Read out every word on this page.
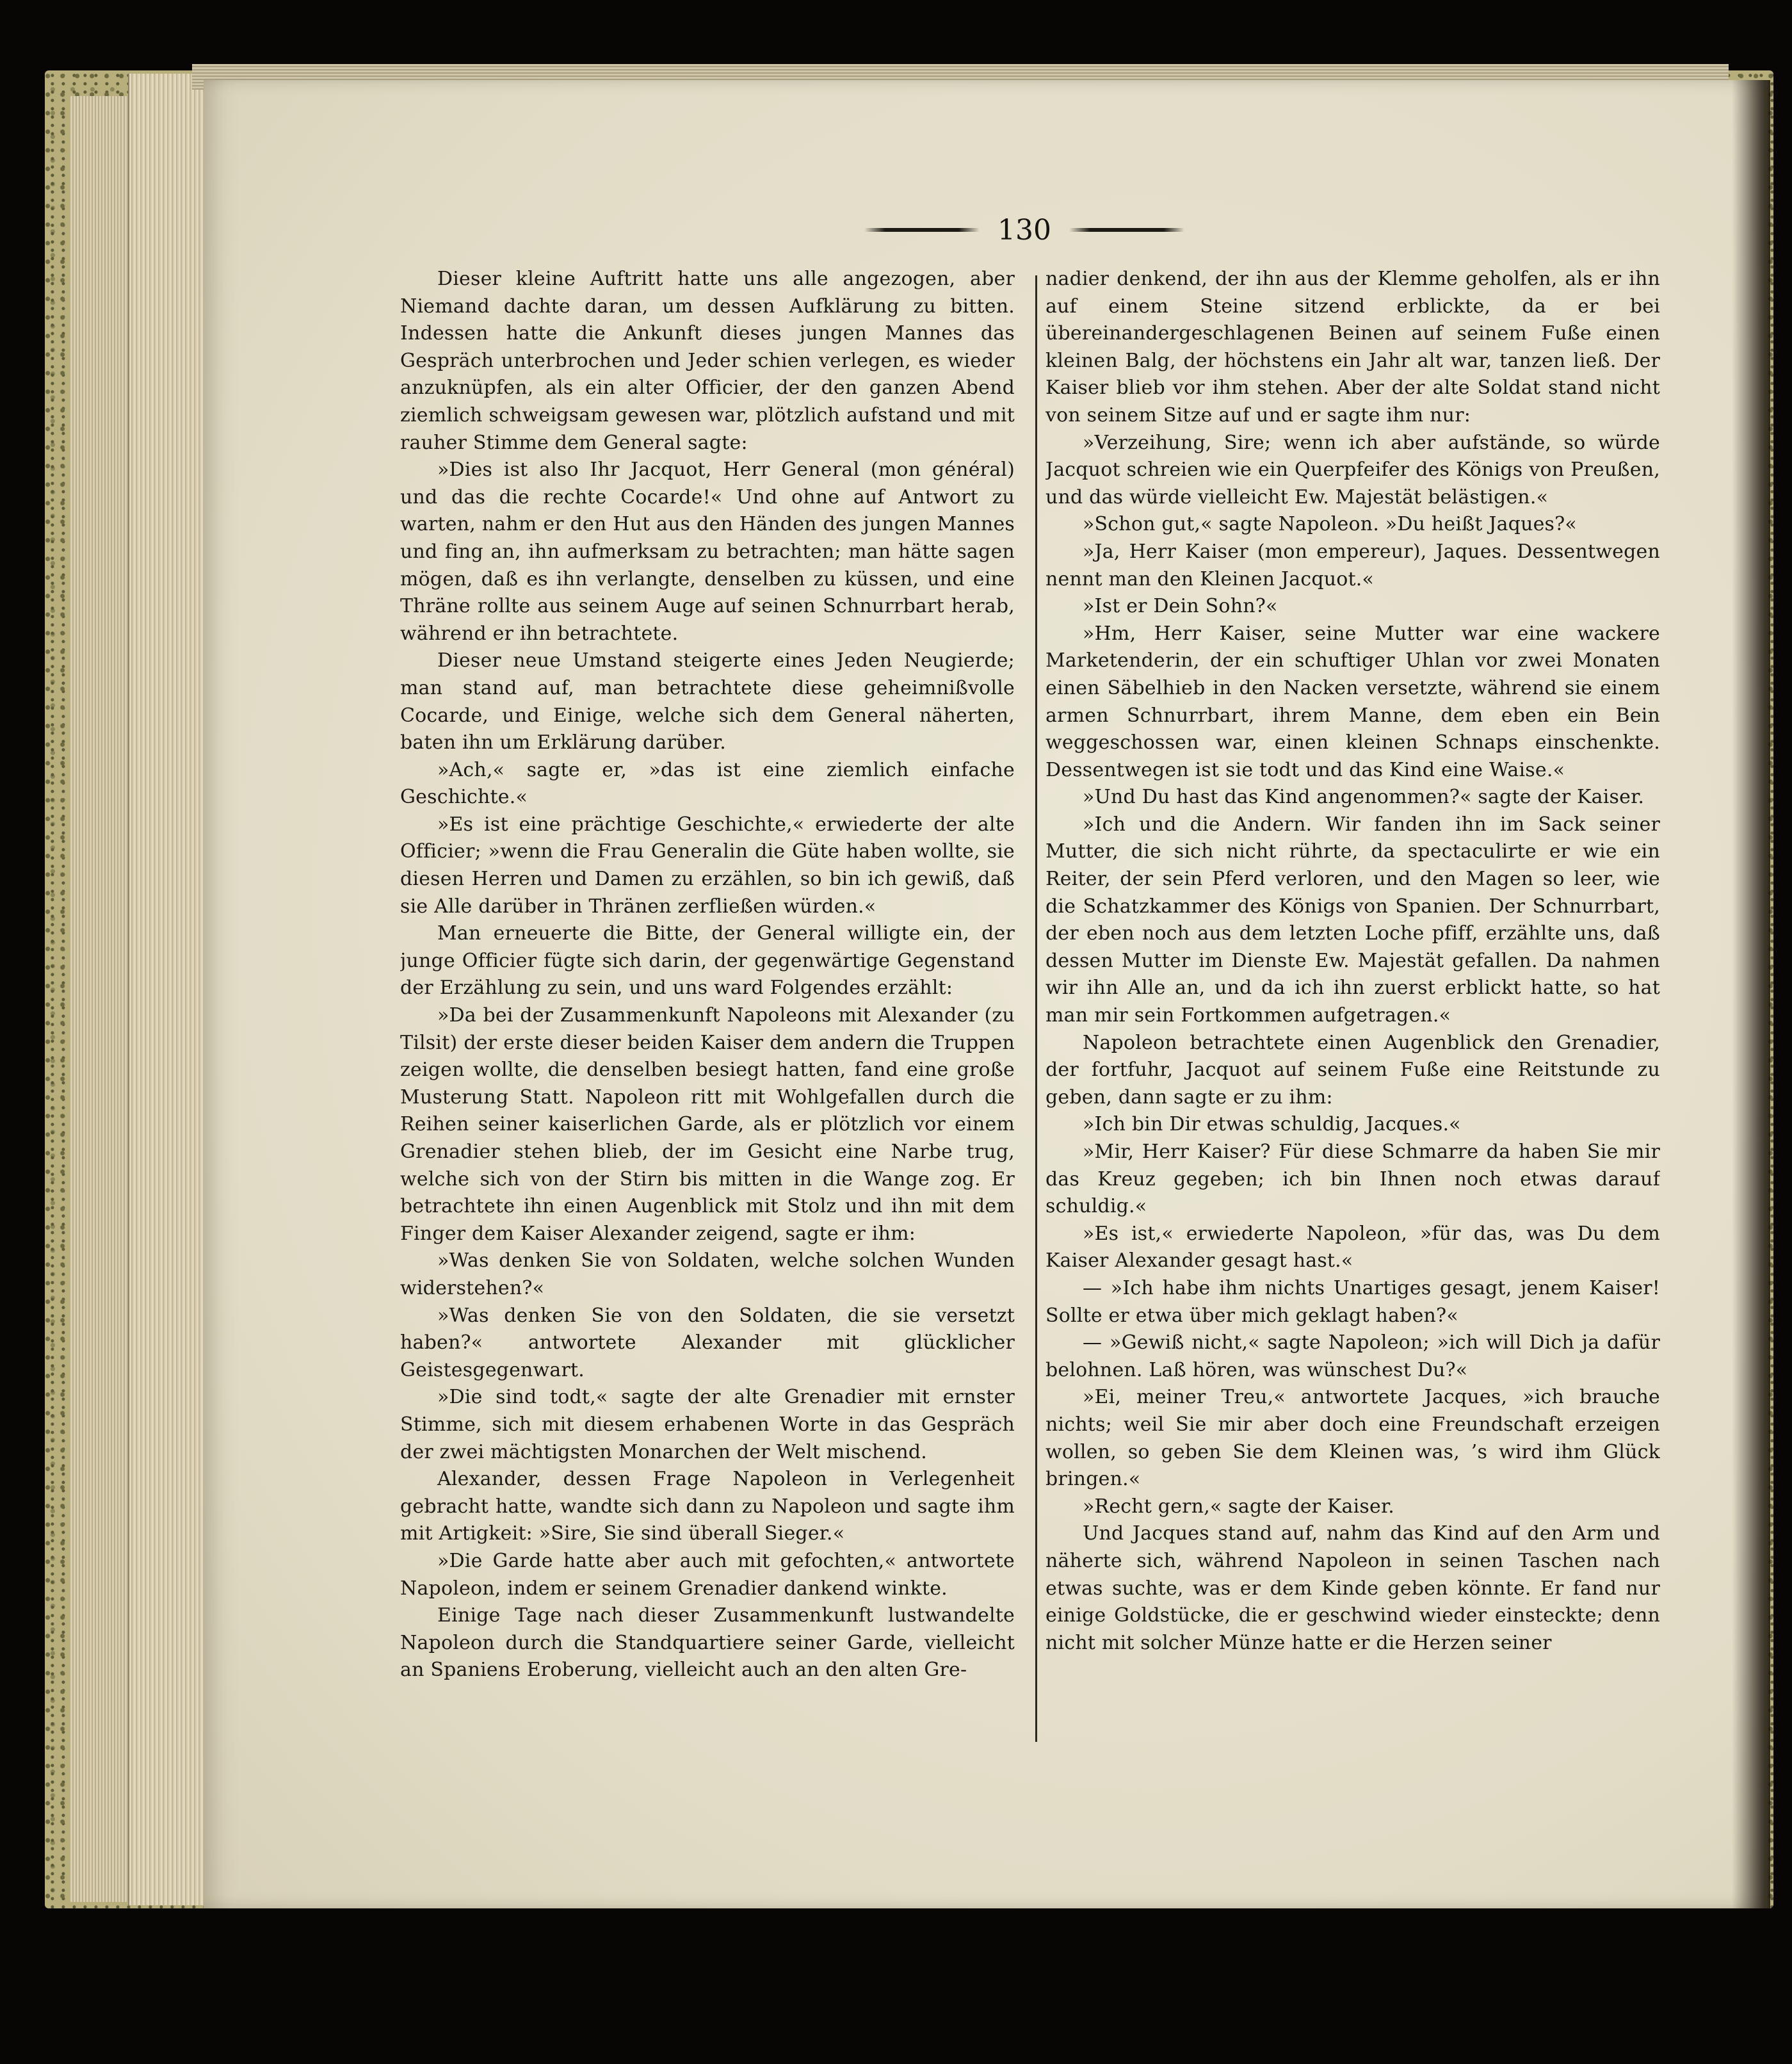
130

Dieser kleine Auftritt hatte uns alle angezogen, aber Niemand dachte daran, um dessen Aufklärung zu bitten. Indessen hatte die Ankunft dieses jungen Mannes das Gespräch unterbrochen und Jeder schien verlegen, es wieder anzuknüpfen, als ein alter Officier, der den ganzen Abend ziemlich schweigsam gewesen war, plötzlich aufstand und mit rauher Stimme dem General sagte:

»Dies ist also Ihr Jacquot, Herr General (mon général) und das die rechte Cocarde!« Und ohne auf Antwort zu warten, nahm er den Hut aus den Händen des jungen Mannes und fing an, ihn aufmerksam zu betrachten; man hätte sagen mögen, daß es ihn verlangte, denselben zu küssen, und eine Thräne rollte aus seinem Auge auf seinen Schnurrbart herab, während er ihn betrachtete.

Dieser neue Umstand steigerte eines Jeden Neugierde; man stand auf, man betrachtete diese geheimnißvolle Cocarde, und Einige, welche sich dem General näherten, baten ihn um Erklärung darüber.

»Ach,« sagte er, »das ist eine ziemlich einfache Geschichte.«

»Es ist eine prächtige Geschichte,« erwiederte der alte Officier; »wenn die Frau Generalin die Güte haben wollte, sie diesen Herren und Damen zu erzählen, so bin ich gewiß, daß sie Alle darüber in Thränen zerfließen würden.«

Man erneuerte die Bitte, der General willigte ein, der junge Officier fügte sich darin, der gegenwärtige Gegenstand der Erzählung zu sein, und uns ward Folgendes erzählt:

»Da bei der Zusammenkunft Napoleons mit Alexander (zu Tilsit) der erste dieser beiden Kaiser dem andern die Truppen zeigen wollte, die denselben besiegt hatten, fand eine große Musterung Statt. Napoleon ritt mit Wohlgefallen durch die Reihen seiner kaiserlichen Garde, als er plötzlich vor einem Grenadier stehen blieb, der im Gesicht eine Narbe trug, welche sich von der Stirn bis mitten in die Wange zog. Er betrachtete ihn einen Augenblick mit Stolz und ihn mit dem Finger dem Kaiser Alexander zeigend, sagte er ihm:

»Was denken Sie von Soldaten, welche solchen Wunden widerstehen?«

»Was denken Sie von den Soldaten, die sie versetzt haben?« antwortete Alexander mit glücklicher Geistesgegenwart.

»Die sind todt,« sagte der alte Grenadier mit ernster Stimme, sich mit diesem erhabenen Worte in das Gespräch der zwei mächtigsten Monarchen der Welt mischend.

Alexander, dessen Frage Napoleon in Verlegenheit gebracht hatte, wandte sich dann zu Napoleon und sagte ihm mit Artigkeit: »Sire, Sie sind überall Sieger.«

»Die Garde hatte aber auch mit gefochten,« antwortete Napoleon, indem er seinem Grenadier dankend winkte.

Einige Tage nach dieser Zusammenkunft lustwandelte Napoleon durch die Standquartiere seiner Garde, vielleicht an Spaniens Eroberung, vielleicht auch an den alten Gre-

nadier denkend, der ihn aus der Klemme geholfen, als er ihn auf einem Steine sitzend erblickte, da er bei übereinandergeschlagenen Beinen auf seinem Fuße einen kleinen Balg, der höchstens ein Jahr alt war, tanzen ließ. Der Kaiser blieb vor ihm stehen. Aber der alte Soldat stand nicht von seinem Sitze auf und er sagte ihm nur:

»Verzeihung, Sire; wenn ich aber aufstände, so würde Jacquot schreien wie ein Querpfeifer des Königs von Preußen, und das würde vielleicht Ew. Majestät belästigen.«

»Schon gut,« sagte Napoleon. »Du heißt Jaques?«

»Ja, Herr Kaiser (mon empereur), Jaques. Dessentwegen nennt man den Kleinen Jacquot.«

»Ist er Dein Sohn?«

»Hm, Herr Kaiser, seine Mutter war eine wackere Marketenderin, der ein schuftiger Uhlan vor zwei Monaten einen Säbelhieb in den Nacken versetzte, während sie einem armen Schnurrbart, ihrem Manne, dem eben ein Bein weggeschossen war, einen kleinen Schnaps einschenkte. Dessentwegen ist sie todt und das Kind eine Waise.«

»Und Du hast das Kind angenommen?« sagte der Kaiser.

»Ich und die Andern. Wir fanden ihn im Sack seiner Mutter, die sich nicht rührte, da spectaculirte er wie ein Reiter, der sein Pferd verloren, und den Magen so leer, wie die Schatzkammer des Königs von Spanien. Der Schnurrbart, der eben noch aus dem letzten Loche pfiff, erzählte uns, daß dessen Mutter im Dienste Ew. Majestät gefallen. Da nahmen wir ihn Alle an, und da ich ihn zuerst erblickt hatte, so hat man mir sein Fortkommen aufgetragen.«

Napoleon betrachtete einen Augenblick den Grenadier, der fortfuhr, Jacquot auf seinem Fuße eine Reitstunde zu geben, dann sagte er zu ihm:

»Ich bin Dir etwas schuldig, Jacques.«

»Mir, Herr Kaiser? Für diese Schmarre da haben Sie mir das Kreuz gegeben; ich bin Ihnen noch etwas darauf schuldig.«

»Es ist,« erwiederte Napoleon, »für das, was Du dem Kaiser Alexander gesagt hast.«

— »Ich habe ihm nichts Unartiges gesagt, jenem Kaiser! Sollte er etwa über mich geklagt haben?«

— »Gewiß nicht,« sagte Napoleon; »ich will Dich ja dafür belohnen. Laß hören, was wünschest Du?«

»Ei, meiner Treu,« antwortete Jacques, »ich brauche nichts; weil Sie mir aber doch eine Freundschaft erzeigen wollen, so geben Sie dem Kleinen was, ’s wird ihm Glück bringen.«

»Recht gern,« sagte der Kaiser.

Und Jacques stand auf, nahm das Kind auf den Arm und näherte sich, während Napoleon in seinen Taschen nach etwas suchte, was er dem Kinde geben könnte. Er fand nur einige Goldstücke, die er geschwind wieder einsteckte; denn nicht mit solcher Münze hatte er die Herzen seiner
